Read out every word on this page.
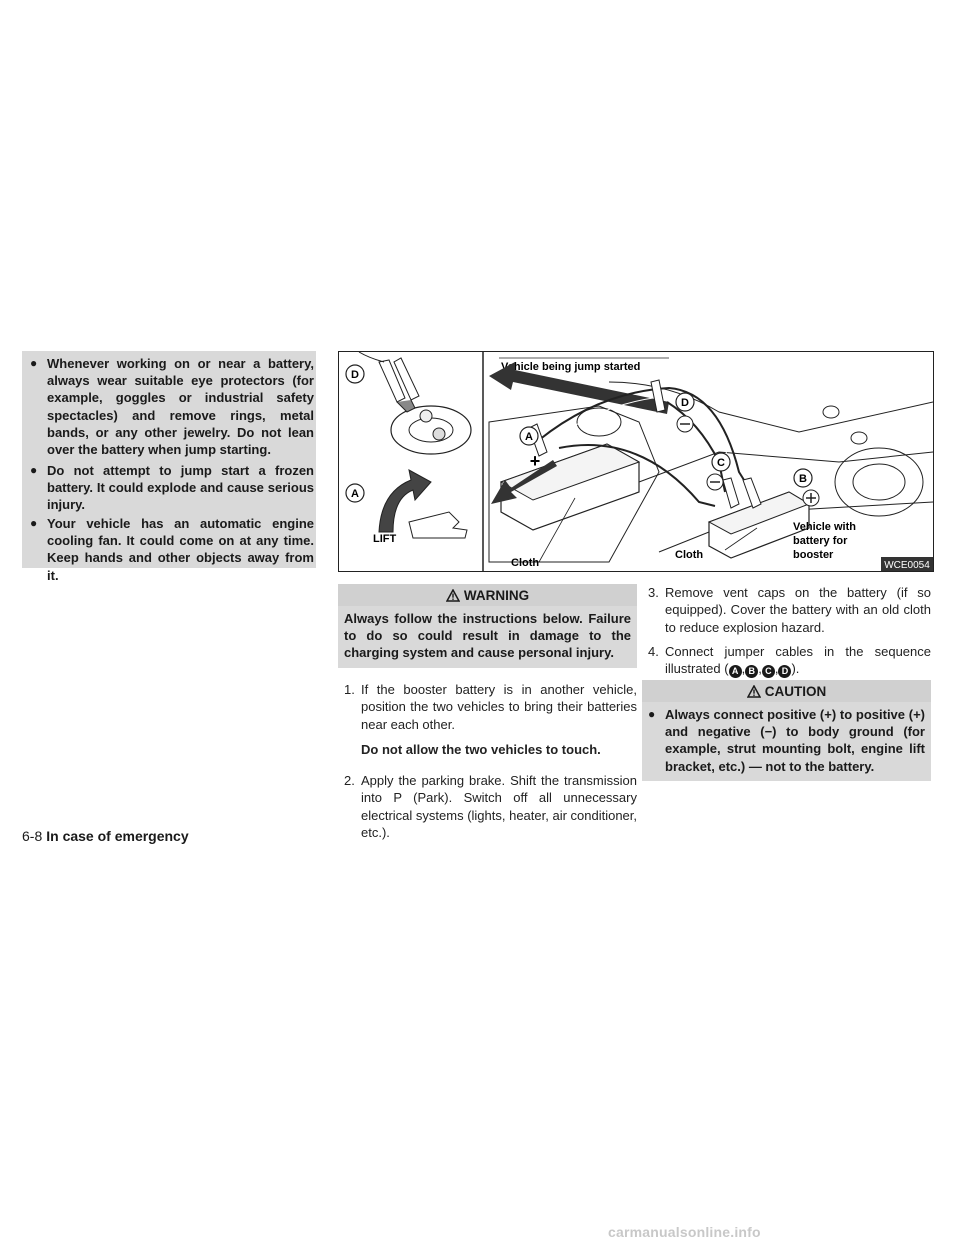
● Whenever working on or near a battery, always wear suitable eye protectors (for example, goggles or industrial safety spectacles) and remove rings, metal bands, or any other jewelry. Do not lean over the battery when jump starting.
● Do not attempt to jump start a frozen battery. It could explode and cause serious injury.
● Your vehicle has an automatic engine cooling fan. It could come on at any time. Keep hands and other objects away from it.
D
A
LIFT
Vehicle being jump started
A
+
D
C
B
Cloth
Cloth
Vehicle with
battery for
booster
WCE0054
WARNING
Always follow the instructions below. Failure to do so could result in damage to the charging system and cause personal injury.
1. If the booster battery is in another vehicle, position the two vehicles to bring their batteries near each other.
Do not allow the two vehicles to touch.
2. Apply the parking brake. Shift the transmission into P (Park). Switch off all unnecessary electrical systems (lights, heater, air conditioner, etc.).
3. Remove vent caps on the battery (if so equipped). Cover the battery with an old cloth to reduce explosion hazard.
4. Connect jumper cables in the sequence illustrated ( A , B , C , D ).
CAUTION
● Always connect positive (+) to positive (+) and negative (−) to body ground (for example, strut mounting bolt, engine lift bracket, etc.) — not to the battery.
6-8 In case of emergency
carmanualsonline.info
